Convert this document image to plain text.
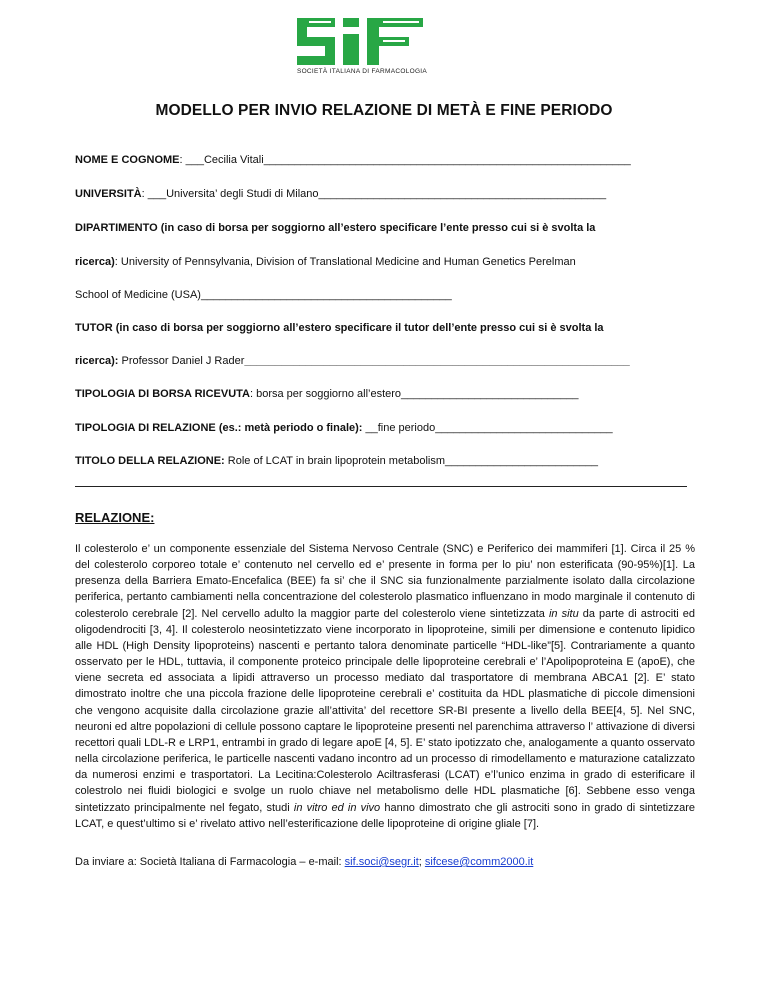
SOCIETÀ ITALIANA DI FARMACOLOGIA
MODELLO PER INVIO RELAZIONE DI METÀ E FINE PERIODO
NOME E COGNOME: ___Cecilia Vitali____________________________________________________________
UNIVERSITÀ: ___Universita’ degli Studi di Milano_______________________________________________
DIPARTIMENTO (in caso di borsa per soggiorno all’estero specificare l’ente presso cui si è svolta la
ricerca): University of Pennsylvania, Division of Translational Medicine and Human Genetics Perelman
School of Medicine (USA)_________________________________________
TUTOR (in caso di borsa per soggiorno all’estero specificare il tutor dell’ente presso cui si è svolta la
ricerca): Professor Daniel J Rader_______________________________________________________________
TIPOLOGIA DI BORSA RICEVUTA: borsa per soggiorno all’estero_____________________________
TIPOLOGIA DI RELAZIONE (es.: metà periodo o finale): __fine periodo_____________________________
TITOLO DELLA RELAZIONE: Role of LCAT in brain lipoprotein metabolism_________________________
RELAZIONE:
Il colesterolo e’ un componente essenziale del Sistema Nervoso Centrale (SNC) e Periferico dei mammiferi [1]. Circa il 25 % del colesterolo corporeo totale e’ contenuto nel cervello ed e’ presente in forma per lo piu’ non esterificata (90-95%)[1]. La presenza della Barriera Emato-Encefalica (BEE) fa si’ che il SNC sia funzionalmente parzialmente isolato dalla circolazione periferica, pertanto cambiamenti nella concentrazione del colesterolo plasmatico influenzano in modo marginale il contenuto di colesterolo cerebrale [2]. Nel cervello adulto la maggior parte del colesterolo viene sintetizzata in situ da parte di astrociti ed oligodendrociti [3, 4]. Il colesterolo neosintetizzato viene incorporato in lipoproteine, simili per dimensione e contenuto lipidico alle HDL (High Density lipoproteins) nascenti e pertanto talora denominate particelle “HDL-like”[5]. Contrariamente a quanto osservato per le HDL, tuttavia, il componente proteico principale delle lipoproteine cerebrali e’ l’Apolipoproteina E (apoE), che viene secreta ed associata a lipidi attraverso un processo mediato dal trasportatore di membrana ABCA1 [2]. E’ stato dimostrato inoltre che una piccola frazione delle lipoproteine cerebrali e’ costituita da HDL plasmatiche di piccole dimensioni che vengono acquisite dalla circolazione grazie all’attivita’ del recettore SR-BI presente a livello della BEE[4, 5]. Nel SNC, neuroni ed altre popolazioni di cellule possono captare le lipoproteine presenti nel parenchima attraverso l’ attivazione di diversi recettori quali LDL-R e LRP1, entrambi in grado di legare apoE [4, 5]. E’ stato ipotizzato che, analogamente a quanto osservato nella circolazione periferica, le particelle nascenti vadano incontro ad un processo di rimodellamento e maturazione catalizzato da numerosi enzimi e trasportatori. La Lecitina:Colesterolo Aciltrasferasi (LCAT) e’l’unico enzima in grado di esterificare il colestrolo nei fluidi biologici e svolge un ruolo chiave nel metabolismo delle HDL plasmatiche [6]. Sebbene esso venga sintetizzato principalmente nel fegato, studi in vitro ed in vivo hanno dimostrato che gli astrociti sono in grado di sintetizzare LCAT, e quest’ultimo si e’ rivelato attivo nell’esterificazione delle lipoproteine di origine gliale [7].
Da inviare a: Società Italiana di Farmacologia – e-mail: sif.soci@segr.it; sifcese@comm2000.it
